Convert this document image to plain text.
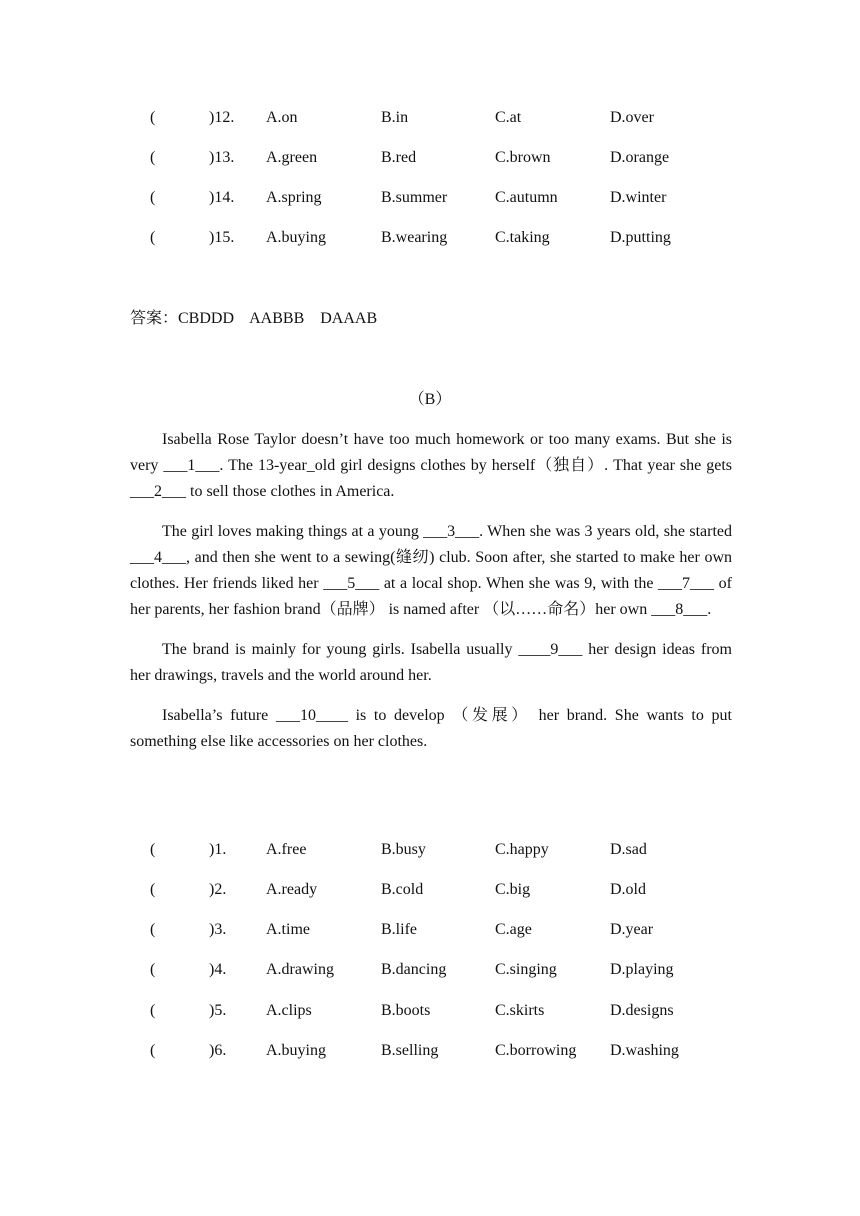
(	)12. A.on	B.in	C.at	D.over
(	)13. A.green	B.red	C.brown	D.orange
(	)14. A.spring	B.summer	C.autumn	D.winter
(	)15. A.buying	B.wearing	C.taking	D.putting
答案：CBDDD    AABBB    DAAAB
（B）

Isabella Rose Taylor doesn’t have too much homework or too many exams. But she is very ___1___. The 13-year_old girl designs clothes by herself（独自）. That year she gets ___2___ to sell those clothes in America.

The girl loves making things at a young ___3___. When she was 3 years old, she started ___4___, and then she went to a sewing(缝纫) club. Soon after, she started to make her own clothes. Her friends liked her ___5___ at a local shop. When she was 9, with the ___7___ of her parents, her fashion brand（品牌） is named after （以……命名）her own ___8___.

The brand is mainly for young girls. Isabella usually ____9___ her design ideas from her drawings, travels and the world around her.

Isabella’s future ___10____ is to develop （发展） her brand. She wants to put something else like accessories on her clothes.

(	)1. A.free	B.busy	C.happy	D.sad
(	)2. A.ready	B.cold	C.big	D.old
(	)3. A.time	B.life	C.age	D.year
(	)4. A.drawing	B.dancing	C.singing	D.playing
(	)5. A.clips	B.boots	C.skirts	D.designs
(	)6. A.buying	B.selling	C.borrowing D.washing
